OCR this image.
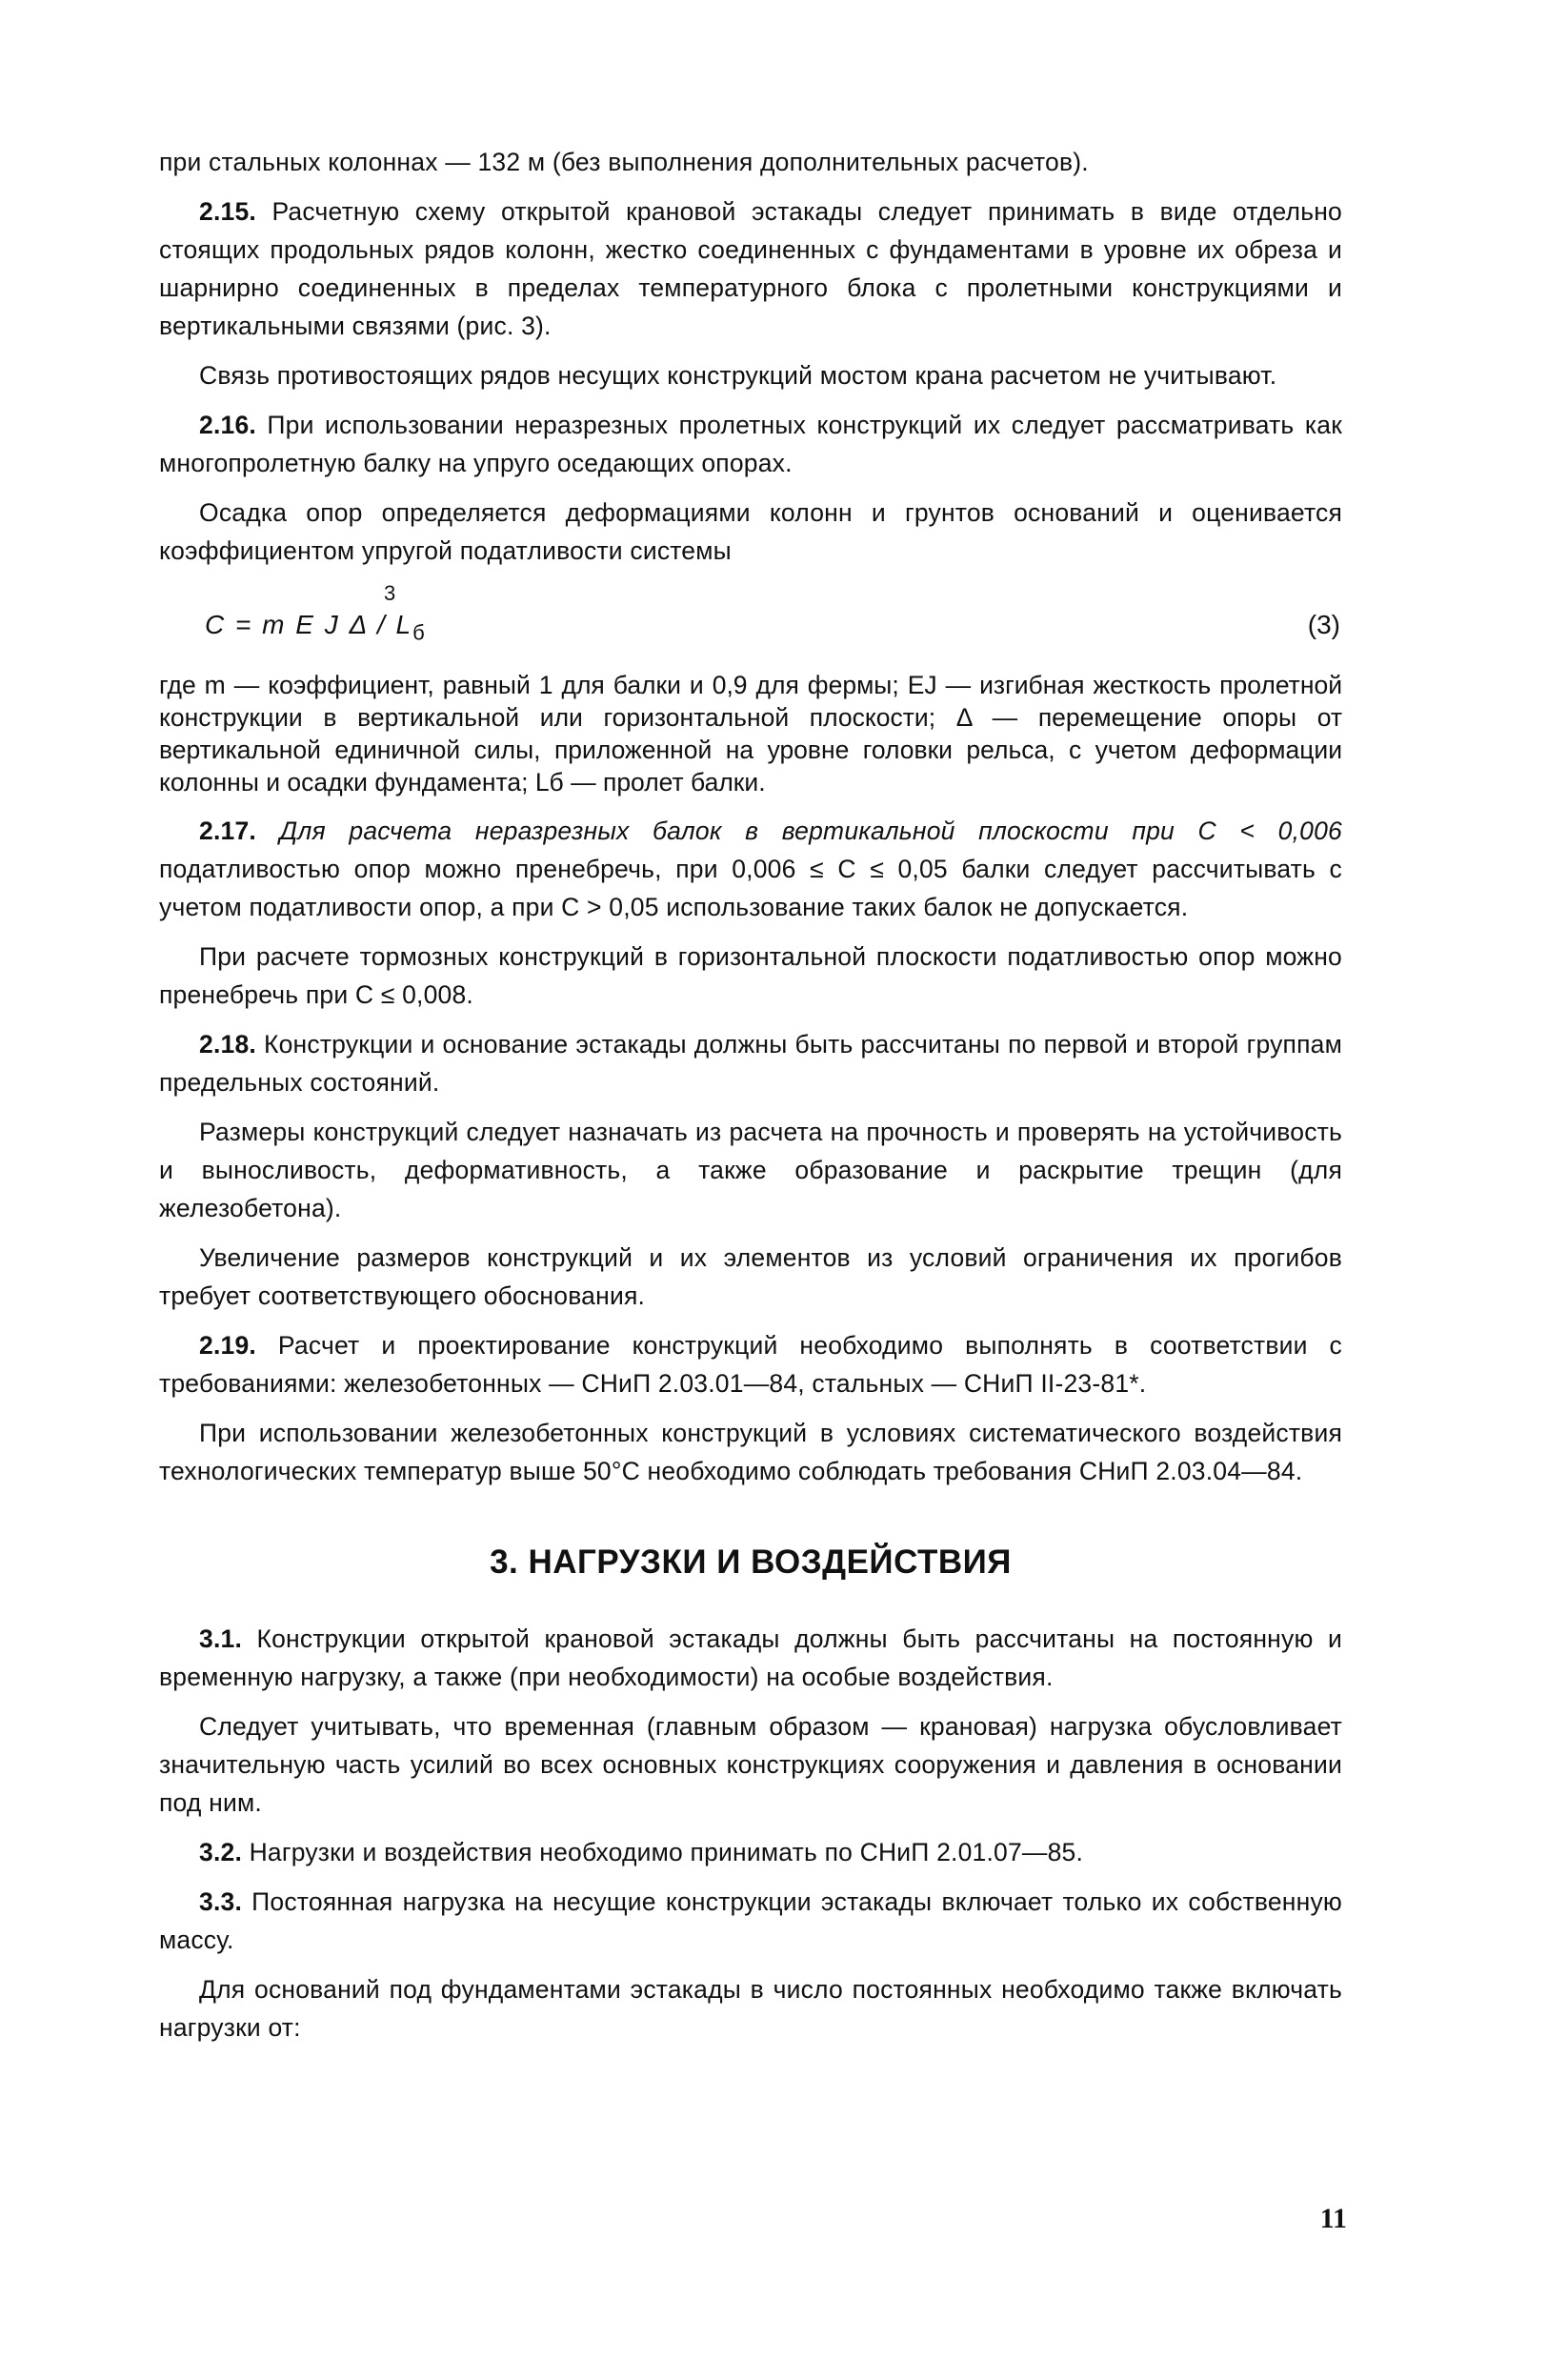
при стальных колоннах — 132 м (без выполнения дополнительных расчетов).

2.15. Расчетную схему открытой крановой эстакады следует принимать в виде отдельно стоящих продольных рядов колонн, жестко соединенных с фундаментами в уровне их обреза и шарнирно соединенных в пределах температурного блока с пролетными конструкциями и вертикальными связями (рис. 3).

Связь противостоящих рядов несущих конструкций мостом крана расчетом не учитывают.

2.16. При использовании неразрезных пролетных конструкций их следует рассматривать как многопролетную балку на упруго оседающих опорах.

Осадка опор определяется деформациями колонн и грунтов оснований и оценивается коэффициентом упругой податливости системы

3
C = m E J Δ / $L_б$	(3)

где m — коэффициент, равный 1 для балки и 0,9 для фермы; EJ — изгибная жесткость пролетной конструкции в вертикальной или горизонтальной плоскости; Δ — перемещение опоры от вертикальной единичной силы, приложенной на уровне головки рельса, с учетом деформации колонны и осадки фундамента; Lб — пролет балки.

2.17. Для расчета неразрезных балок в вертикальной плоскости при C < 0,006 податливостью опор можно пренебречь, при 0,006 ≤ C ≤ 0,05 балки следует рассчитывать с учетом податливости опор, а при C > 0,05 использование таких балок не допускается.

При расчете тормозных конструкций в горизонтальной плоскости податливостью опор можно пренебречь при C ≤ 0,008.

2.18. Конструкции и основание эстакады должны быть рассчитаны по первой и второй группам предельных состояний.

Размеры конструкций следует назначать из расчета на прочность и проверять на устойчивость и выносливость, деформативность, а также образование и раскрытие трещин (для железобетона).

Увеличение размеров конструкций и их элементов из условий ограничения их прогибов требует соответствующего обоснования.

2.19. Расчет и проектирование конструкций необходимо выполнять в соответствии с требованиями: железобетонных — СНиП 2.03.01—84, стальных — СНиП II-23-81*.

При использовании железобетонных конструкций в условиях систематического воздействия технологических температур выше 50°С необходимо соблюдать требования СНиП 2.03.04—84.

3. НАГРУЗКИ И ВОЗДЕЙСТВИЯ

3.1. Конструкции открытой крановой эстакады должны быть рассчитаны на постоянную и временную нагрузку, а также (при необходимости) на особые воздействия.

Следует учитывать, что временная (главным образом — крановая) нагрузка обусловливает значительную часть усилий во всех основных конструкциях сооружения и давления в основании под ним.

3.2. Нагрузки и воздействия необходимо принимать по СНиП 2.01.07—85.

3.3. Постоянная нагрузка на несущие конструкции эстакады включает только их собственную массу.

Для оснований под фундаментами эстакады в число постоянных необходимо также включать нагрузки от:

11
